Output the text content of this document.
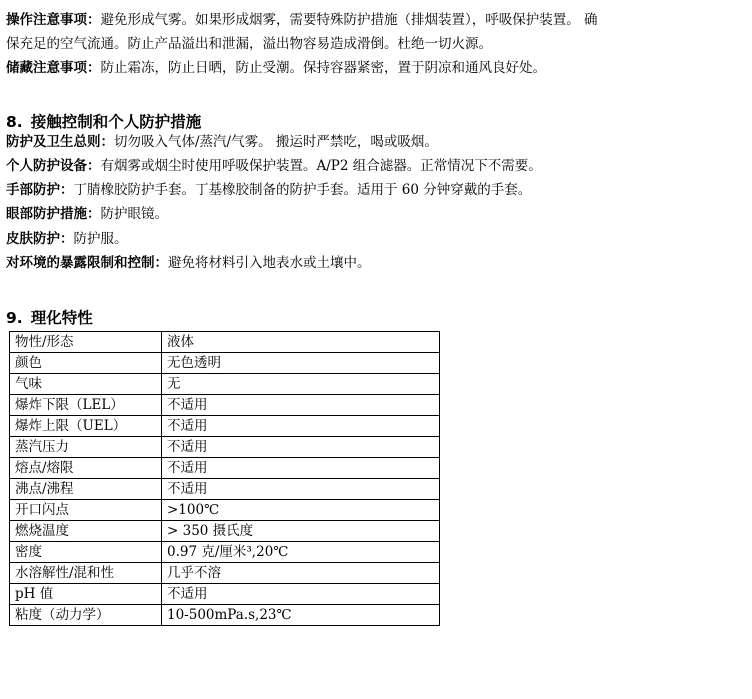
操作注意事项：避免形成气雾。如果形成烟雾，需要特殊防护措施（排烟装置），呼吸保护装置。 确
保充足的空气流通。防止产品溢出和泄漏，溢出物容易造成滑倒。杜绝一切火源。
储藏注意事项：防止霜冻，防止日晒，防止受潮。保持容器紧密，置于阴凉和通风良好处。
8. 接触控制和个人防护措施
防护及卫生总则：切勿吸入气体/蒸汽/气雾。 搬运时严禁吃，喝或吸烟。
个人防护设备：有烟雾或烟尘时使用呼吸保护装置。A/P2 组合滤器。正常情况下不需要。
手部防护：丁腈橡胶防护手套。丁基橡胶制备的防护手套。适用于 60 分钟穿戴的手套。
眼部防护措施：防护眼镜。
皮肤防护：防护服。
对环境的暴露限制和控制：避免将材料引入地表水或土壤中。
9. 理化特性
物性/形态	液体
颜色	无色透明
气味	无
爆炸下限（LEL）	不适用
爆炸上限（UEL）	不适用
蒸汽压力	不适用
熔点/熔限	不适用
沸点/沸程	不适用
开口闪点	>100℃
燃烧温度	> 350 摄氏度
密度	0.97 克/厘米³,20℃
水溶解性/混和性	几乎不溶
pH 值	不适用
粘度（动力学）	10-500mPa.s,23℃
